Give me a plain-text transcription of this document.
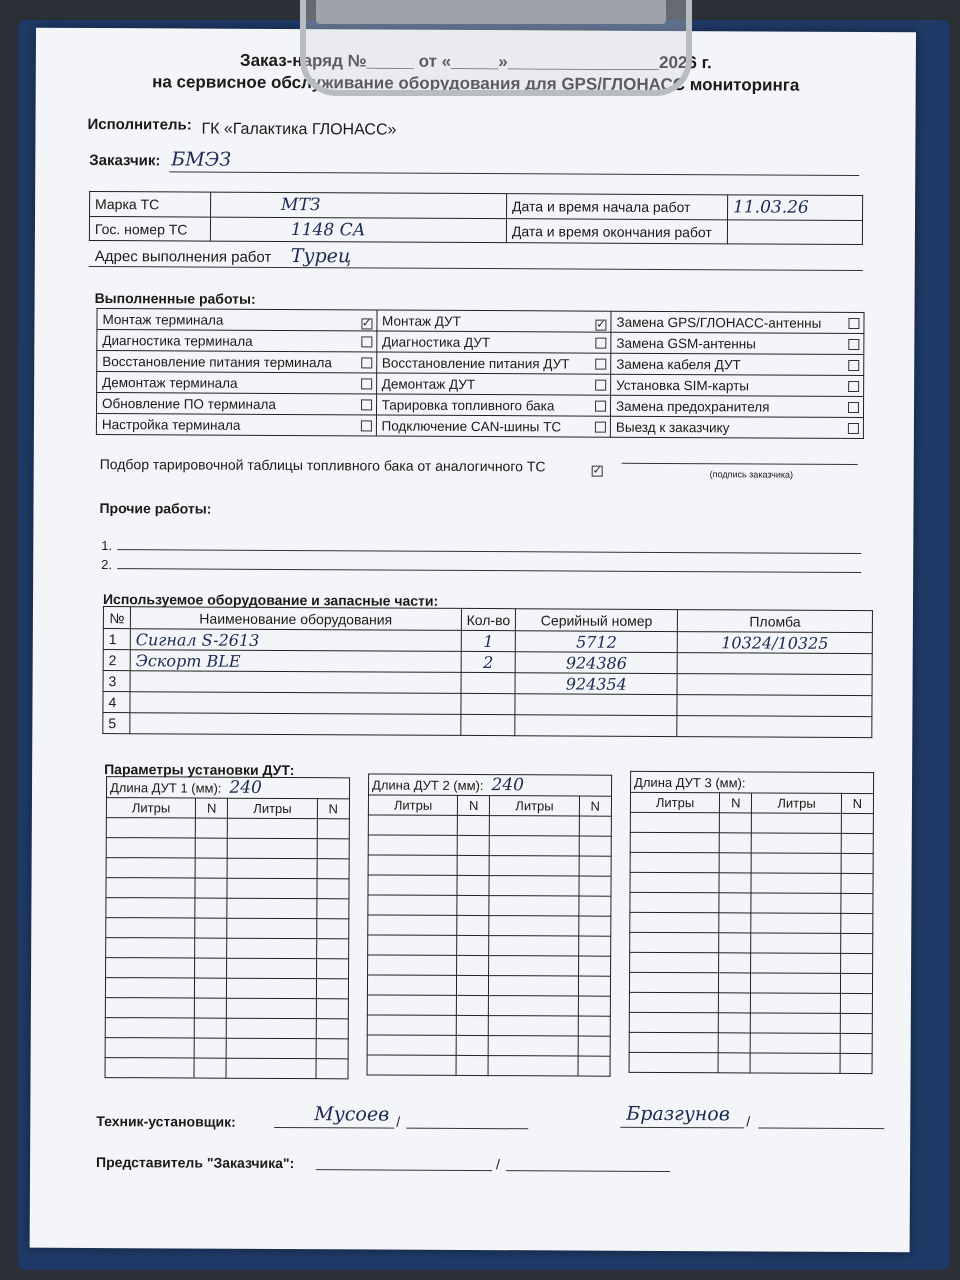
Заказ-наряд №_____ от «_____»________________2026 г.
на сервисное обслуживание оборудования для GPS/ГЛОНАСС мониторинга
Исполнитель: ГК «Галактика ГЛОНАСС»
Заказчик: БМЭЗ
Марка ТС	МТЗ	Дата и время начала работ	11.03.26
Гос. номер ТС	1148 СА	Дата и время окончания работ	
Адрес выполнения работ Турец
Выполненные работы:
Монтаж терминала	✓	Монтаж ДУТ	✓	Замена GPS/ГЛОНАСС-антенны	
Диагностика терминала		Диагностика ДУТ		Замена GSM-антенны	
Восстановление питания терминала		Восстановление питания ДУТ		Замена кабеля ДУТ	
Демонтаж терминала		Демонтаж ДУТ		Установка SIM-карты	
Обновление ПО терминала		Тарировка топливного бака		Замена предохранителя	
Настройка терминала		Подключение CAN-шины ТС		Выезд к заказчику	
Подбор тарировочной таблицы топливного бака от аналогичного ТС	✓	(подпись заказчика)
Прочие работы:
1.
2.
Используемое оборудование и запасные части:
№	Наименование оборудования	Кол-во	Серийный номер	Пломба
1	Сигнал S-2613	1	5712	10324/10325
2	Эскорт BLE	2	924386	
3			924354	
4				
5				
Параметры установки ДУТ:
Длина ДУТ 1 (мм): 240			
Литры	N	Литры	N

Длина ДУТ 2 (мм): 240			
Литры	N	Литры	N

Длина ДУТ 3 (мм):			
Литры	N	Литры	N

Техник-установщик:	Мусоев /	Бразгунов /
Представитель "Заказчика":	/
